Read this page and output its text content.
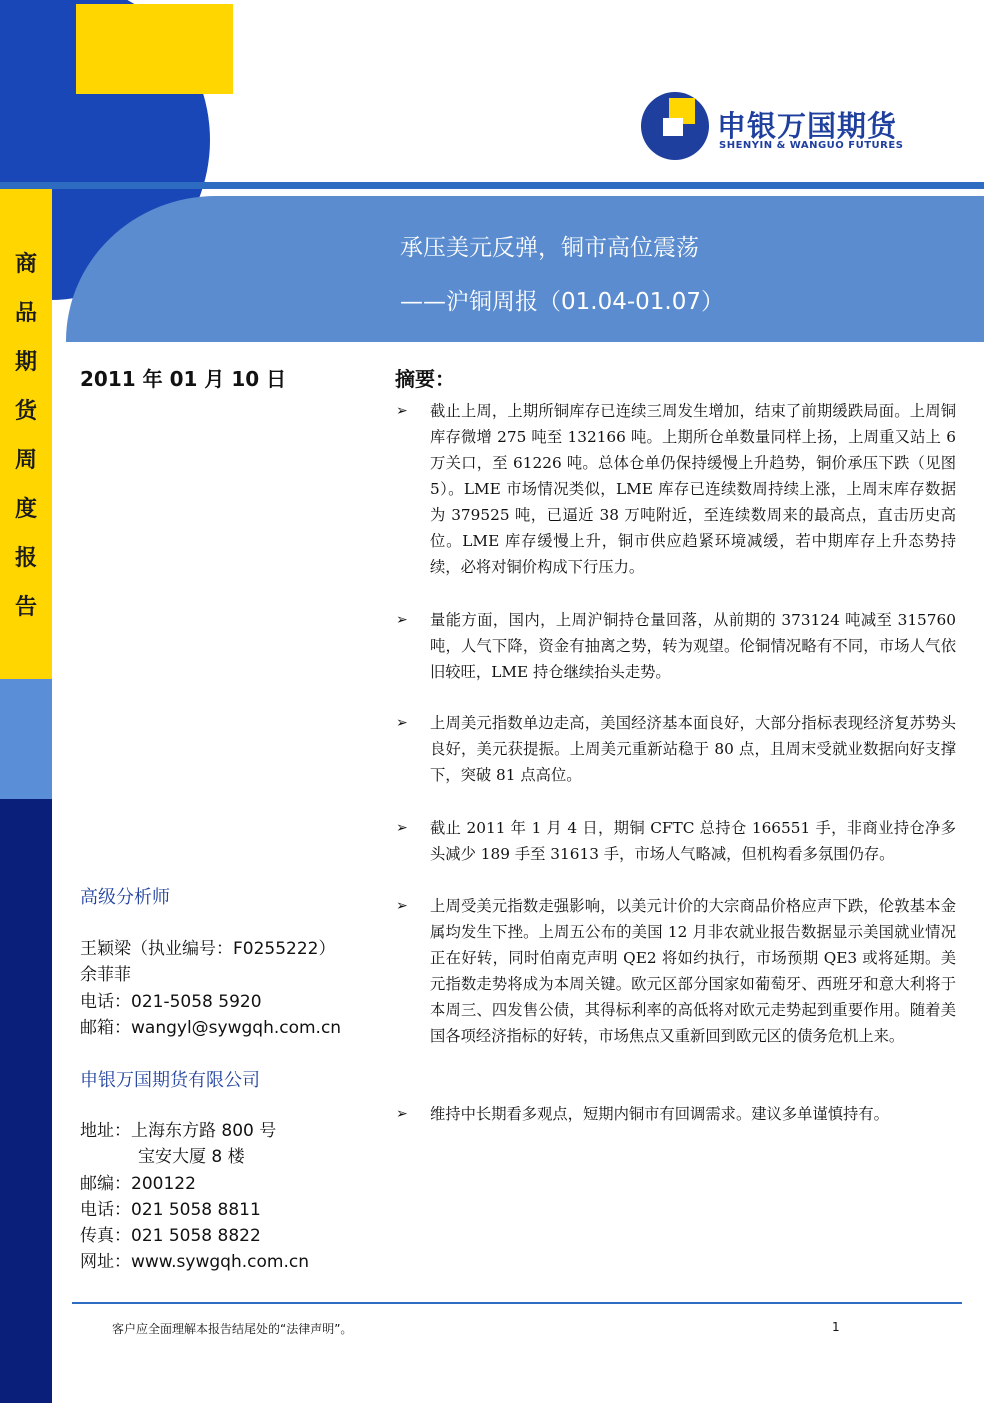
申银万国期货
SHENYIN & WANGUO FUTURES
商
品
期
货
周
度
报
告
承压美元反弹，铜市高位震荡
——沪铜周报（01.04-01.07）
2011 年 01 月 10 日
高级分析师
王颖梁（执业编号：F0255222）
余菲菲
电话：021-5058 5920
邮箱：wangyl@sywgqh.com.cn
申银万国期货有限公司
地址：上海东方路 800 号
宝安大厦 8 楼
邮编：200122
电话：021 5058 8811
传真：021 5058 8822
网址：www.sywgqh.com.cn
摘要：
➢ 截止上周，上期所铜库存已连续三周发生增加，结束了前期缓跌局面。上周铜库存微增 275 吨至 132166 吨。上期所仓单数量同样上扬，上周重又站上 6 万关口，至 61226 吨。总体仓单仍保持缓慢上升趋势，铜价承压下跌（见图 5）。LME 市场情况类似，LME 库存已连续数周持续上涨，上周末库存数据为 379525 吨，已逼近 38 万吨附近，至连续数周来的最高点，直击历史高位。LME 库存缓慢上升，铜市供应趋紧环境减缓，若中期库存上升态势持续，必将对铜价构成下行压力。

➢ 量能方面，国内，上周沪铜持仓量回落，从前期的 373124 吨减至 315760 吨，人气下降，资金有抽离之势，转为观望。伦铜情况略有不同，市场人气依旧较旺，LME 持仓继续抬头走势。

➢ 上周美元指数单边走高，美国经济基本面良好，大部分指标表现经济复苏势头良好，美元获提振。上周美元重新站稳于 80 点，且周末受就业数据向好支撑下，突破 81 点高位。

➢ 截止 2011 年 1 月 4 日，期铜 CFTC 总持仓 166551 手，非商业持仓净多头减少 189 手至 31613 手，市场人气略减，但机构看多氛围仍存。

➢ 上周受美元指数走强影响，以美元计价的大宗商品价格应声下跌，伦敦基本金属均发生下挫。上周五公布的美国 12 月非农就业报告数据显示美国就业情况正在好转，同时伯南克声明 QE2 将如约执行，市场预期 QE3 或将延期。美元指数走势将成为本周关键。欧元区部分国家如葡萄牙、西班牙和意大利将于本周三、四发售公债，其得标利率的高低将对欧元走势起到重要作用。随着美国各项经济指标的好转，市场焦点又重新回到欧元区的债务危机上来。

➢ 维持中长期看多观点，短期内铜市有回调需求。建议多单谨慎持有。

客户应全面理解本报告结尾处的“法律声明”。	1
